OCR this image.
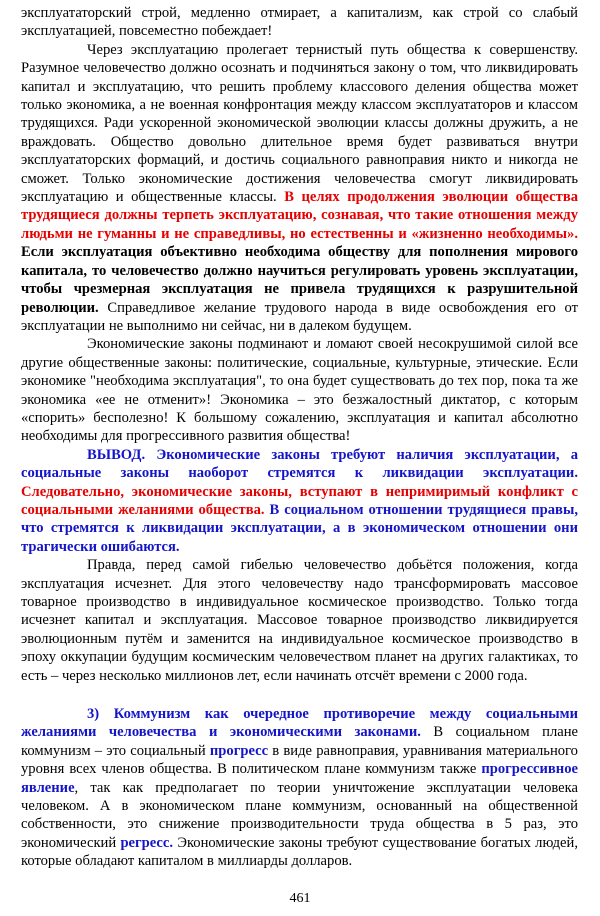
эксплуататорский строй, медленно отмирает, а капитализм, как строй со слабый эксплуатацией, повсеместно побеждает!

Через эксплуатацию пролегает тернистый путь общества к совершенству. Разумное человечество должно осознать и подчиняться закону о том, что ликвидировать капитал и эксплуатацию, что решить проблему классового деления общества может только экономика, а не военная конфронтация между классом эксплуататоров и классом трудящихся. Ради ускоренной экономической эволюции классы должны дружить, а не враждовать. Общество довольно длительное время будет развиваться внутри эксплуататорских формаций, и достичь социального равноправия никто и никогда не сможет. Только экономические достижения человечества смогут ликвидировать эксплуатацию и общественные классы. В целях продолжения эволюции общества трудящиеся должны терпеть эксплуатацию, сознавая, что такие отношения между людьми не гуманны и не справедливы, но естественны и «жизненно необходимы». Если эксплуатация объективно необходима обществу для пополнения мирового капитала, то человечество должно научиться регулировать уровень эксплуатации, чтобы чрезмерная эксплуатация не привела трудящихся к разрушительной революции. Справедливое желание трудового народа в виде освобождения его от эксплуатации не выполнимо ни сейчас, ни в далеком будущем.

Экономические законы подминают и ломают своей несокрушимой силой все другие общественные законы: политические, социальные, культурные, этические. Если экономике "необходима эксплуатация", то она будет существовать до тех пор, пока та же экономика «ее не отменит»! Экономика – это безжалостный диктатор, с которым «спорить» бесполезно! К большому сожалению, эксплуатация и капитал абсолютно необходимы для прогрессивного развития общества!

ВЫВОД. Экономические законы требуют наличия эксплуатации, а социальные законы наоборот стремятся к ликвидации эксплуатации. Следовательно, экономические законы, вступают в непримиримый конфликт с социальными желаниями общества. В социальном отношении трудящиеся правы, что стремятся к ликвидации эксплуатации, а в экономическом отношении они трагически ошибаются.

Правда, перед самой гибелью человечество добьётся положения, когда эксплуатация исчезнет. Для этого человечеству надо трансформировать массовое товарное производство в индивидуальное космическое производство. Только тогда исчезнет капитал и эксплуатация. Массовое товарное производство ликвидируется эволюционным путём и заменится на индивидуальное космическое производство в эпоху оккупации будущим космическим человечеством планет на других галактиках, то есть – через несколько миллионов лет, если начинать отсчёт времени с 2000 года.

3) Коммунизм как очередное противоречие между социальными желаниями человечества и экономическими законами. В социальном плане коммунизм – это социальный прогресс в виде равноправия, уравнивания материального уровня всех членов общества. В политическом плане коммунизм также прогрессивное явление, так как предполагает по теории уничтожение эксплуатации человека человеком. А в экономическом плане коммунизм, основанный на общественной собственности, это снижение производительности труда общества в 5 раз, это экономический регресс. Экономические законы требуют существование богатых людей, которые обладают капиталом в миллиарды долларов.

461
